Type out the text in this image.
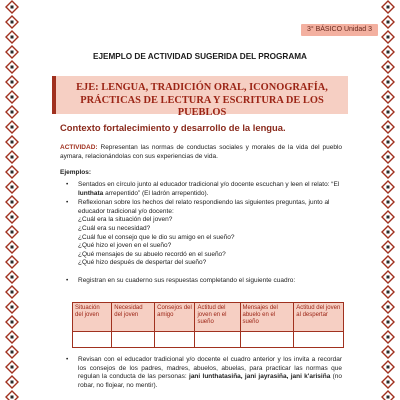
3° BÁSICO Unidad 3
EJEMPLO DE ACTIVIDAD SUGERIDA DEL PROGRAMA
EJE: LENGUA, TRADICIÓN ORAL, ICONOGRAFÍA,
PRÁCTICAS DE LECTURA Y ESCRITURA DE LOS PUEBLOS
Contexto fortalecimiento y desarrollo de la lengua.
ACTIVIDAD: Representan las normas de conductas sociales y morales de la vida del pueblo aymara, relacionándolas con sus experiencias de vida.
Ejemplos:
• Sentados en círculo junto al educador tradicional y/o docente escuchan y leen el relato: “El lunthata arrepentido” (El ladrón arrepentido).
• Reflexionan sobre los hechos del relato respondiendo las siguientes preguntas, junto al educador tradicional y/o docente:
¿Cuál era la situación del joven?
¿Cuál era su necesidad?
¿Cuál fue el consejo que le dio su amigo en el sueño?
¿Qué hizo el joven en el sueño?
¿Qué mensajes de su abuelo recordó en el sueño?
¿Qué hizo después de despertar del sueño?
• Registran en su cuaderno sus respuestas completando el siguiente cuadro:
Situación del joven	Necesidad del joven	Consejos del amigo	Actitud del joven en el sueño	Mensajes del abuelo en el sueño	Actitud del joven al despertar

• Revisan con el educador tradicional y/o docente el cuadro anterior y los invita a recordar los consejos de los padres, madres, abuelos, abuelas, para practicar las normas que regulan la conducta de las personas: jani lunthatasiña, jani jayrasiña, jani k'arisiña (no robar, no flojear, no mentir).
